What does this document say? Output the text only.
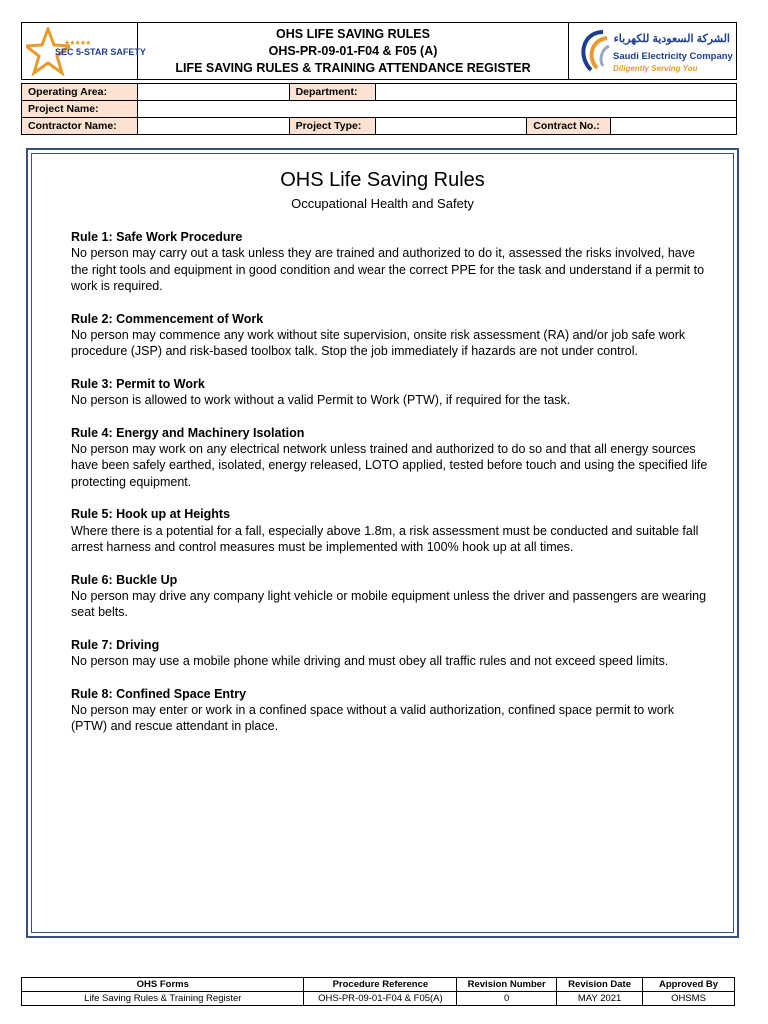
★★★★★
SEC 5-STAR SAFETY
OHS LIFE SAVING RULES
OHS-PR-09-01-F04 & F05 (A)
LIFE SAVING RULES & TRAINING ATTENDANCE REGISTER
الشركة السعودية للكهرباء
Saudi Electricity Company
Diligently Serving You
Operating Area:		Department:			
Project Name:					
Contractor Name:		Project Type:		Contract No.:	
OHS Life Saving Rules
Occupational Health and Safety
Rule 1: Safe Work Procedure
No person may carry out a task unless they are trained and authorized to do it, assessed the risks involved, have the right tools and equipment in good condition and wear the correct PPE for the task and understand if a permit to work is required.
Rule 2: Commencement of Work
No person may commence any work without site supervision, onsite risk assessment (RA) and/or job safe work procedure (JSP) and risk-based toolbox talk. Stop the job immediately if hazards are not under control.
Rule 3: Permit to Work
No person is allowed to work without a valid Permit to Work (PTW), if required for the task.
Rule 4: Energy and Machinery Isolation
No person may work on any electrical network unless trained and authorized to do so and that all energy sources have been safely earthed, isolated, energy released, LOTO applied, tested before touch and using the specified life protecting equipment.
Rule 5: Hook up at Heights
Where there is a potential for a fall, especially above 1.8m, a risk assessment must be conducted and suitable fall arrest harness and control measures must be implemented with 100% hook up at all times.
Rule 6: Buckle Up
No person may drive any company light vehicle or mobile equipment unless the driver and passengers are wearing seat belts.
Rule 7: Driving
No person may use a mobile phone while driving and must obey all traffic rules and not exceed speed limits.
Rule 8: Confined Space Entry
No person may enter or work in a confined space without a valid authorization, confined space permit to work (PTW) and rescue attendant in place.
OHS Forms	Procedure Reference	Revision Number	Revision Date	Approved By
Life Saving Rules & Training Register	OHS-PR-09-01-F04 & F05(A)	0	MAY 2021	OHSMS
